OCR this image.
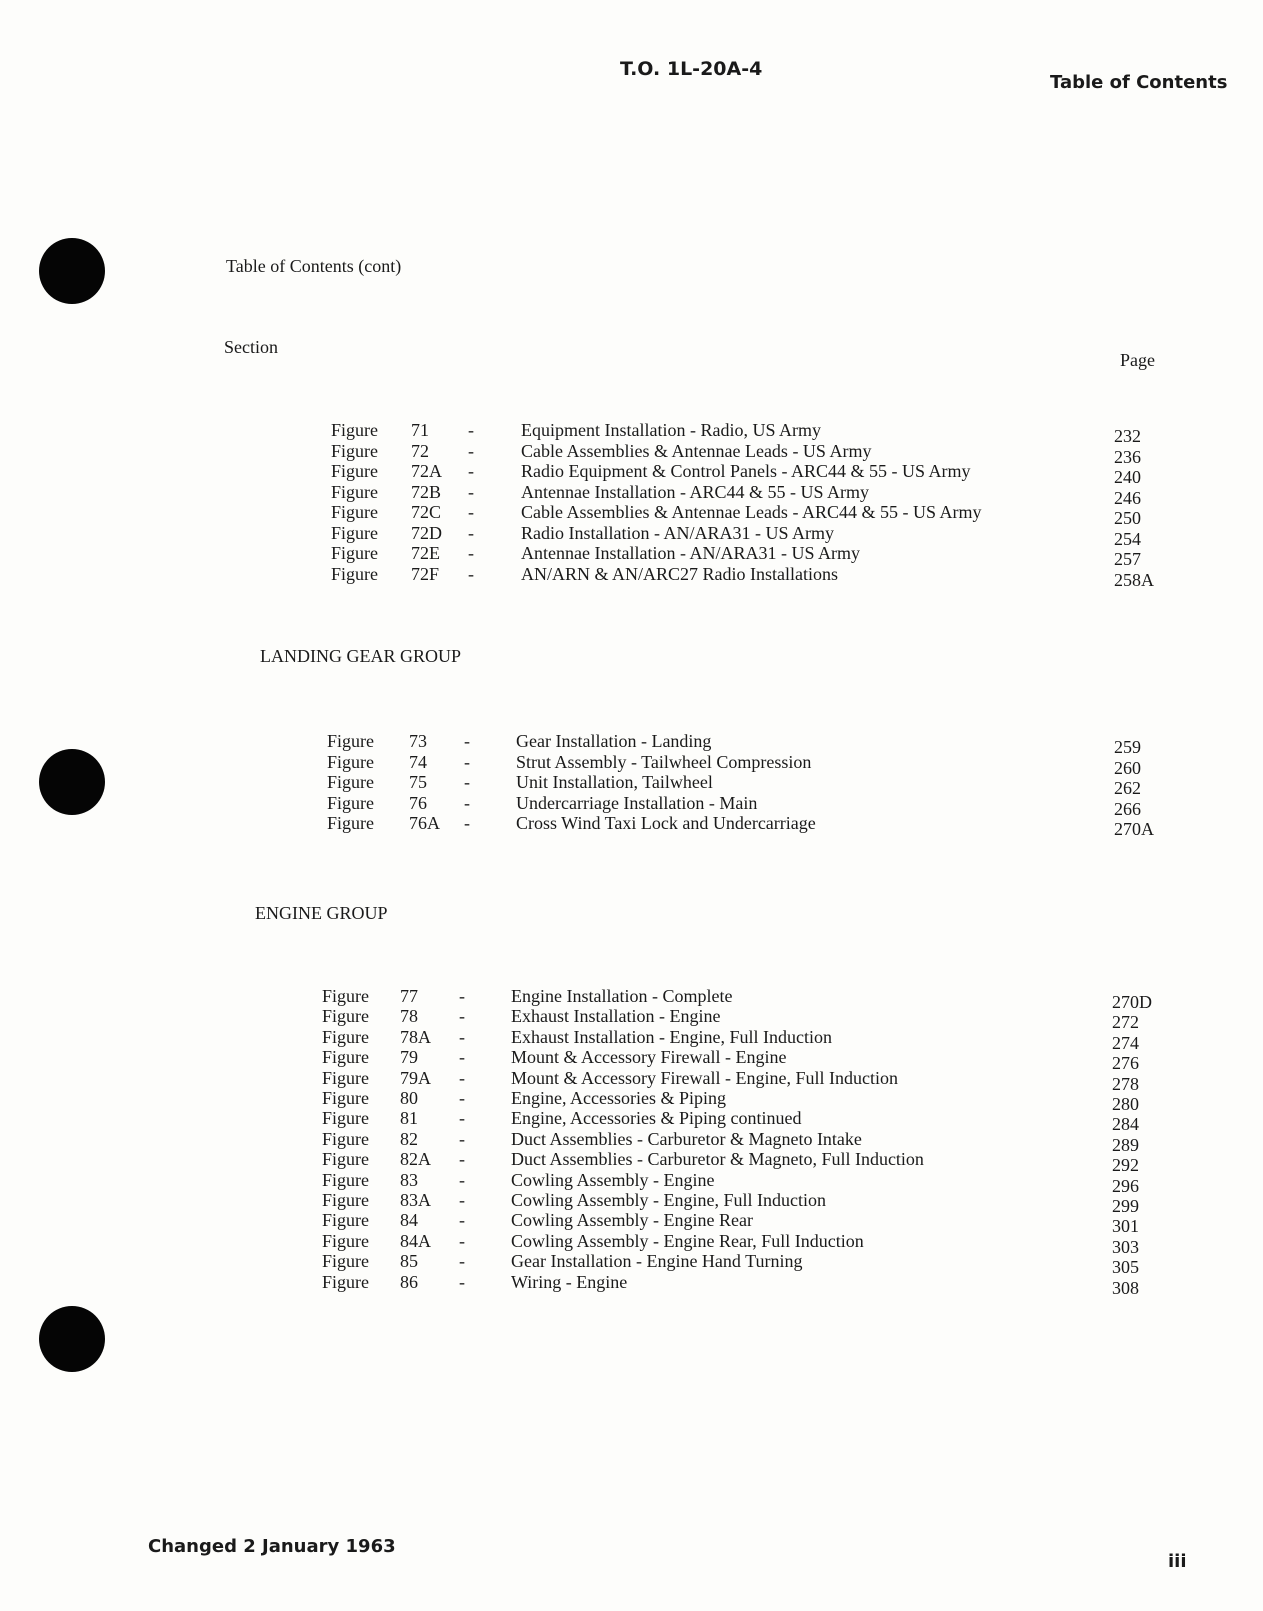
T.O. 1L-20A-4
Table of Contents
Table of Contents (cont)
Section
Page
LANDING GEAR GROUP
ENGINE GROUP
Figure 71 -	Equipment Installation - Radio, US Army	232
Figure 72 -	Cable Assemblies & Antennae Leads - US Army	236
Figure 72A -	Radio Equipment & Control Panels - ARC44 & 55 - US Army	240
Figure 72B -	Antennae Installation - ARC44 & 55 - US Army	246
Figure 72C -	Cable Assemblies & Antennae Leads - ARC44 & 55 - US Army	250
Figure 72D -	Radio Installation - AN/ARA31 - US Army	254
Figure 72E -	Antennae Installation - AN/ARA31 - US Army	257
Figure 72F -	AN/ARN & AN/ARC27 Radio Installations	258A
Figure 73 -	Gear Installation - Landing	259
Figure 74 -	Strut Assembly - Tailwheel Compression	260
Figure 75 -	Unit Installation, Tailwheel	262
Figure 76 -	Undercarriage Installation - Main	266
Figure 76A -	Cross Wind Taxi Lock and Undercarriage	270A
Figure 77 -	Engine Installation - Complete	270D
Figure 78 -	Exhaust Installation - Engine	272
Figure 78A -	Exhaust Installation - Engine, Full Induction	274
Figure 79 -	Mount & Accessory Firewall - Engine	276
Figure 79A -	Mount & Accessory Firewall - Engine, Full Induction	278
Figure 80 -	Engine, Accessories & Piping	280
Figure 81 -	Engine, Accessories & Piping continued	284
Figure 82 -	Duct Assemblies - Carburetor & Magneto Intake	289
Figure 82A -	Duct Assemblies - Carburetor & Magneto, Full Induction	292
Figure 83 -	Cowling Assembly - Engine	296
Figure 83A -	Cowling Assembly - Engine, Full Induction	299
Figure 84 -	Cowling Assembly - Engine Rear	301
Figure 84A -	Cowling Assembly - Engine Rear, Full Induction	303
Figure 85 -	Gear Installation - Engine Hand Turning	305
Figure 86 -	Wiring - Engine	308
Changed 2 January 1963
iii
